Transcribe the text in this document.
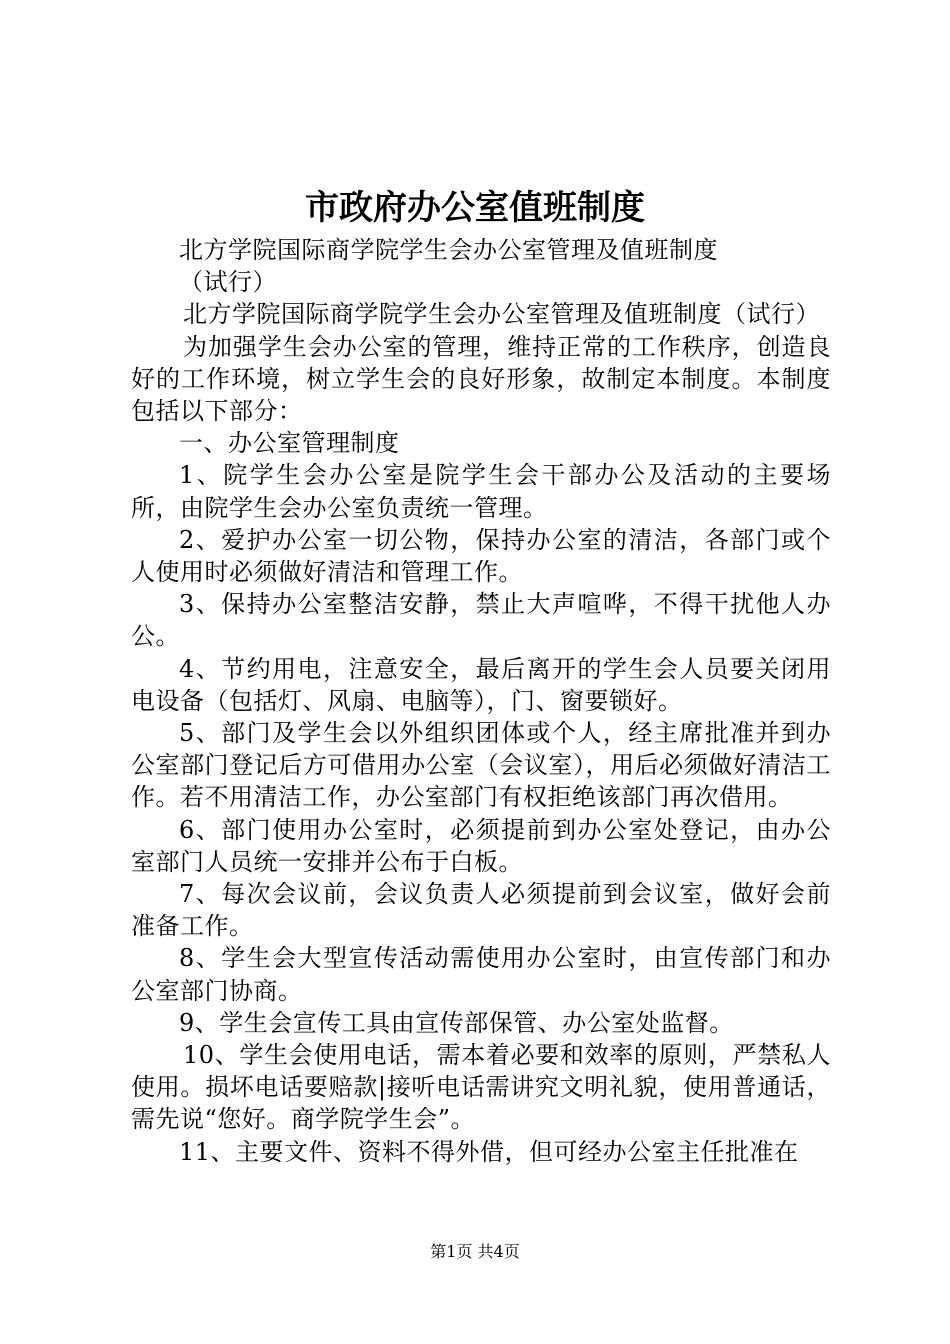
市政府办公室值班制度

北方学院国际商学院学生会办公室管理及值班制度

（试行）

北方学院国际商学院学生会办公室管理及值班制度（试行）

为加强学生会办公室的管理，维持正常的工作秩序，创造良好的工作环境，树立学生会的良好形象，故制定本制度。本制度包括以下部分：

一、办公室管理制度

1、院学生会办公室是院学生会干部办公及活动的主要场所，由院学生会办公室负责统一管理。

2、爱护办公室一切公物，保持办公室的清洁，各部门或个人使用时必须做好清洁和管理工作。

3、保持办公室整洁安静，禁止大声喧哗，不得干扰他人办公。

4、节约用电，注意安全，最后离开的学生会人员要关闭用电设备（包括灯、风扇、电脑等），门、窗要锁好。

5、部门及学生会以外组织团体或个人，经主席批准并到办公室部门登记后方可借用办公室（会议室），用后必须做好清洁工作。若不用清洁工作，办公室部门有权拒绝该部门再次借用。

6、部门使用办公室时，必须提前到办公室处登记，由办公室部门人员统一安排并公布于白板。

7、每次会议前，会议负责人必须提前到会议室，做好会前准备工作。

8、学生会大型宣传活动需使用办公室时，由宣传部门和办公室部门协商。

9、学生会宣传工具由宣传部保管、办公室处监督。

10、学生会使用电话，需本着必要和效率的原则，严禁私人使用。损坏电话要赔款|接听电话需讲究文明礼貌，使用普通话，需先说“您好。商学院学生会”。

11、主要文件、资料不得外借，但可经办公室主任批准在

第1页 共4页
